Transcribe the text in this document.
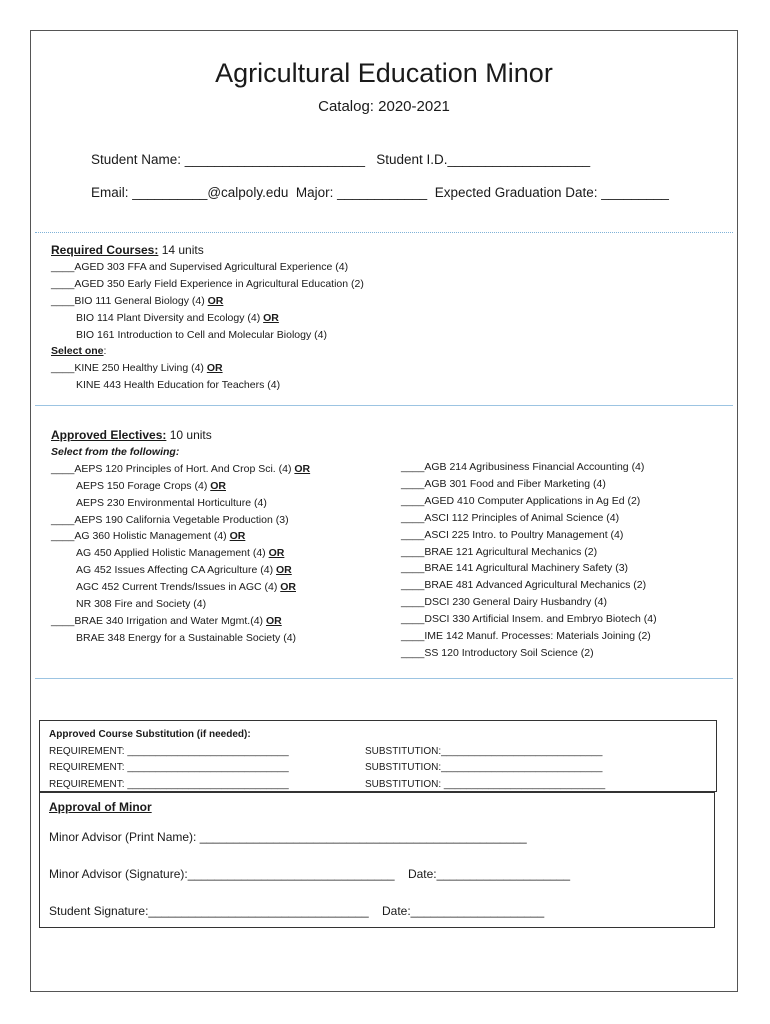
Agricultural Education Minor
Catalog: 2020-2021
Student Name: ________________________   Student I.D.___________________
Email: __________@calpoly.edu  Major: ____________  Expected Graduation Date: _________
Required Courses: 14 units
____AGED 303 FFA and Supervised Agricultural Experience (4)
____AGED 350 Early Field Experience in Agricultural Education (2)
____BIO 111 General Biology (4) OR
BIO 114 Plant Diversity and Ecology (4) OR
BIO 161 Introduction to Cell and Molecular Biology (4)
Select one:
____KINE 250 Healthy Living (4) OR
KINE 443 Health Education for Teachers (4)
Approved Electives: 10 units
Select from the following:
____AEPS 120 Principles of Hort. And Crop Sci. (4) OR
AEPS 150 Forage Crops (4) OR
AEPS 230 Environmental Horticulture (4)
____AEPS 190 California Vegetable Production (3)
____AG 360 Holistic Management (4) OR
AG 450 Applied Holistic Management (4) OR
AG 452 Issues Affecting CA Agriculture (4) OR
AGC 452 Current Trends/Issues in AGC (4) OR
NR 308 Fire and Society (4)
____BRAE 340 Irrigation and Water Mgmt.(4) OR
BRAE 348 Energy for a Sustainable Society (4)
____AGB 214 Agribusiness Financial Accounting (4)
____AGB 301 Food and Fiber Marketing (4)
____AGED 410 Computer Applications in Ag Ed (2)
____ASCI 112 Principles of Animal Science (4)
____ASCI 225 Intro. to Poultry Management (4)
____BRAE 121 Agricultural Mechanics (2)
____BRAE 141 Agricultural Machinery Safety (3)
____BRAE 481 Advanced Agricultural Mechanics (2)
____DSCI 230 General Dairy Husbandry (4)
____DSCI 330 Artificial Insem. and Embryo Biotech (4)
____IME 142 Manuf. Processes: Materials Joining (2)
____SS 120 Introductory Soil Science (2)
Approved Course Substitution (if needed):
REQUIREMENT: _____________________________	SUBSTITUTION:_____________________________
REQUIREMENT: _____________________________	SUBSTITUTION:_____________________________
REQUIREMENT: _____________________________	SUBSTITUTION: _____________________________
Approval of Minor
Minor Advisor (Print Name): _________________________________________________
Minor Advisor (Signature):_______________________________    Date:____________________
Student Signature:_________________________________    Date:____________________
